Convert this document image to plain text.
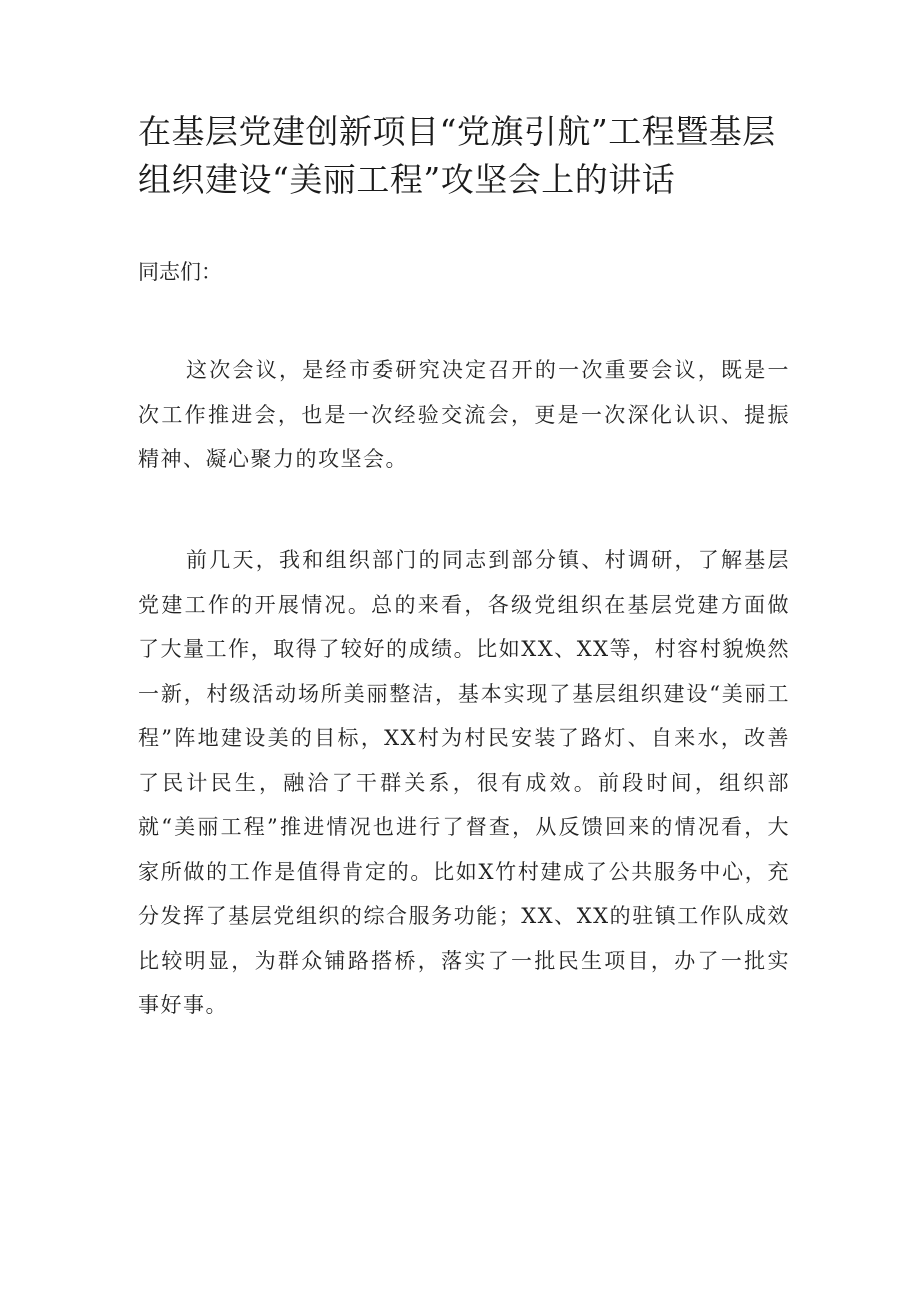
在基层党建创新项目“党旗引航”工程暨基层组织建设“美丽工程”攻坚会上的讲话

同志们：

这次会议，是经市委研究决定召开的一次重要会议，既是一次工作推进会，也是一次经验交流会，更是一次深化认识、提振精神、凝心聚力的攻坚会。

前几天，我和组织部门的同志到部分镇、村调研，了解基层党建工作的开展情况。总的来看，各级党组织在基层党建方面做了大量工作，取得了较好的成绩。比如XX、XX等，村容村貌焕然一新，村级活动场所美丽整洁，基本实现了基层组织建设“美丽工程”阵地建设美的目标，XX村为村民安装了路灯、自来水，改善了民计民生，融洽了干群关系，很有成效。前段时间，组织部就“美丽工程”推进情况也进行了督查，从反馈回来的情况看，大家所做的工作是值得肯定的。比如X竹村建成了公共服务中心，充分发挥了基层党组织的综合服务功能；XX、XX的驻镇工作队成效比较明显，为群众铺路搭桥，落实了一批民生项目，办了一批实事好事。
